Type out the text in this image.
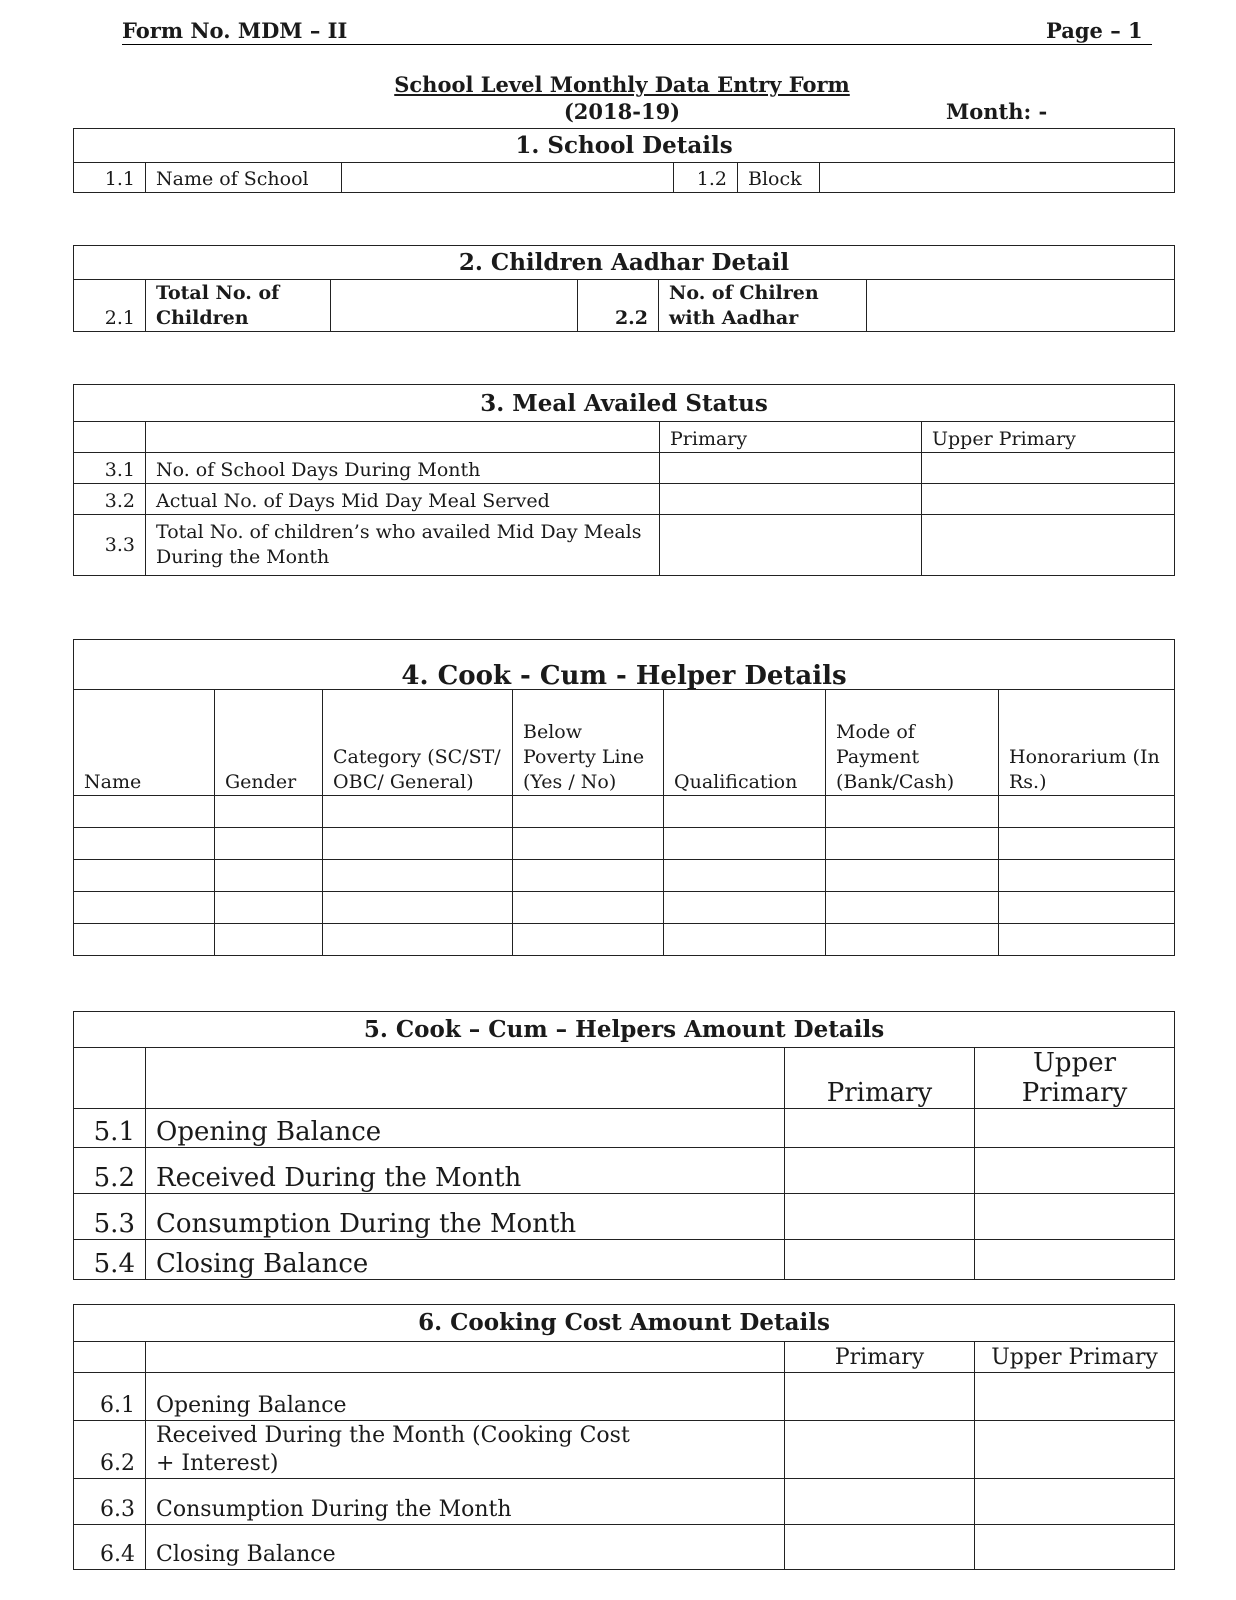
Form No. MDM – II	Page – 1
School Level Monthly Data Entry Form
(2018-19)	Month: -
1. School Details
1.1	Name of School		1.2	Block	
2. Children Aadhar Detail
2.1	Total No. of Children		2.2	No. of Chilren with Aadhar	
3. Meal Availed Status			
		Primary	Upper Primary
3.1	No. of School Days During Month		
3.2	Actual No. of Days Mid Day Meal Served		
3.3	Total No. of children’s who availed Mid Day Meals During the Month		
4. Cook - Cum - Helper Details						
Name	Gender	Category (SC/ST/ OBC/ General)	Below Poverty Line (Yes / No)	Qualification	Mode of Payment (Bank/Cash)	Honorarium (In Rs.)

5. Cook – Cum – Helpers Amount Details			
		Primary	Upper Primary
5.1	Opening Balance		
5.2	Received During the Month		
5.3	Consumption During the Month		
5.4	Closing Balance		
6. Cooking Cost Amount Details			
		Primary	Upper Primary
6.1	Opening Balance		
6.2	Received During the Month (Cooking Cost + Interest)		
6.3	Consumption During the Month		
6.4	Closing Balance		
